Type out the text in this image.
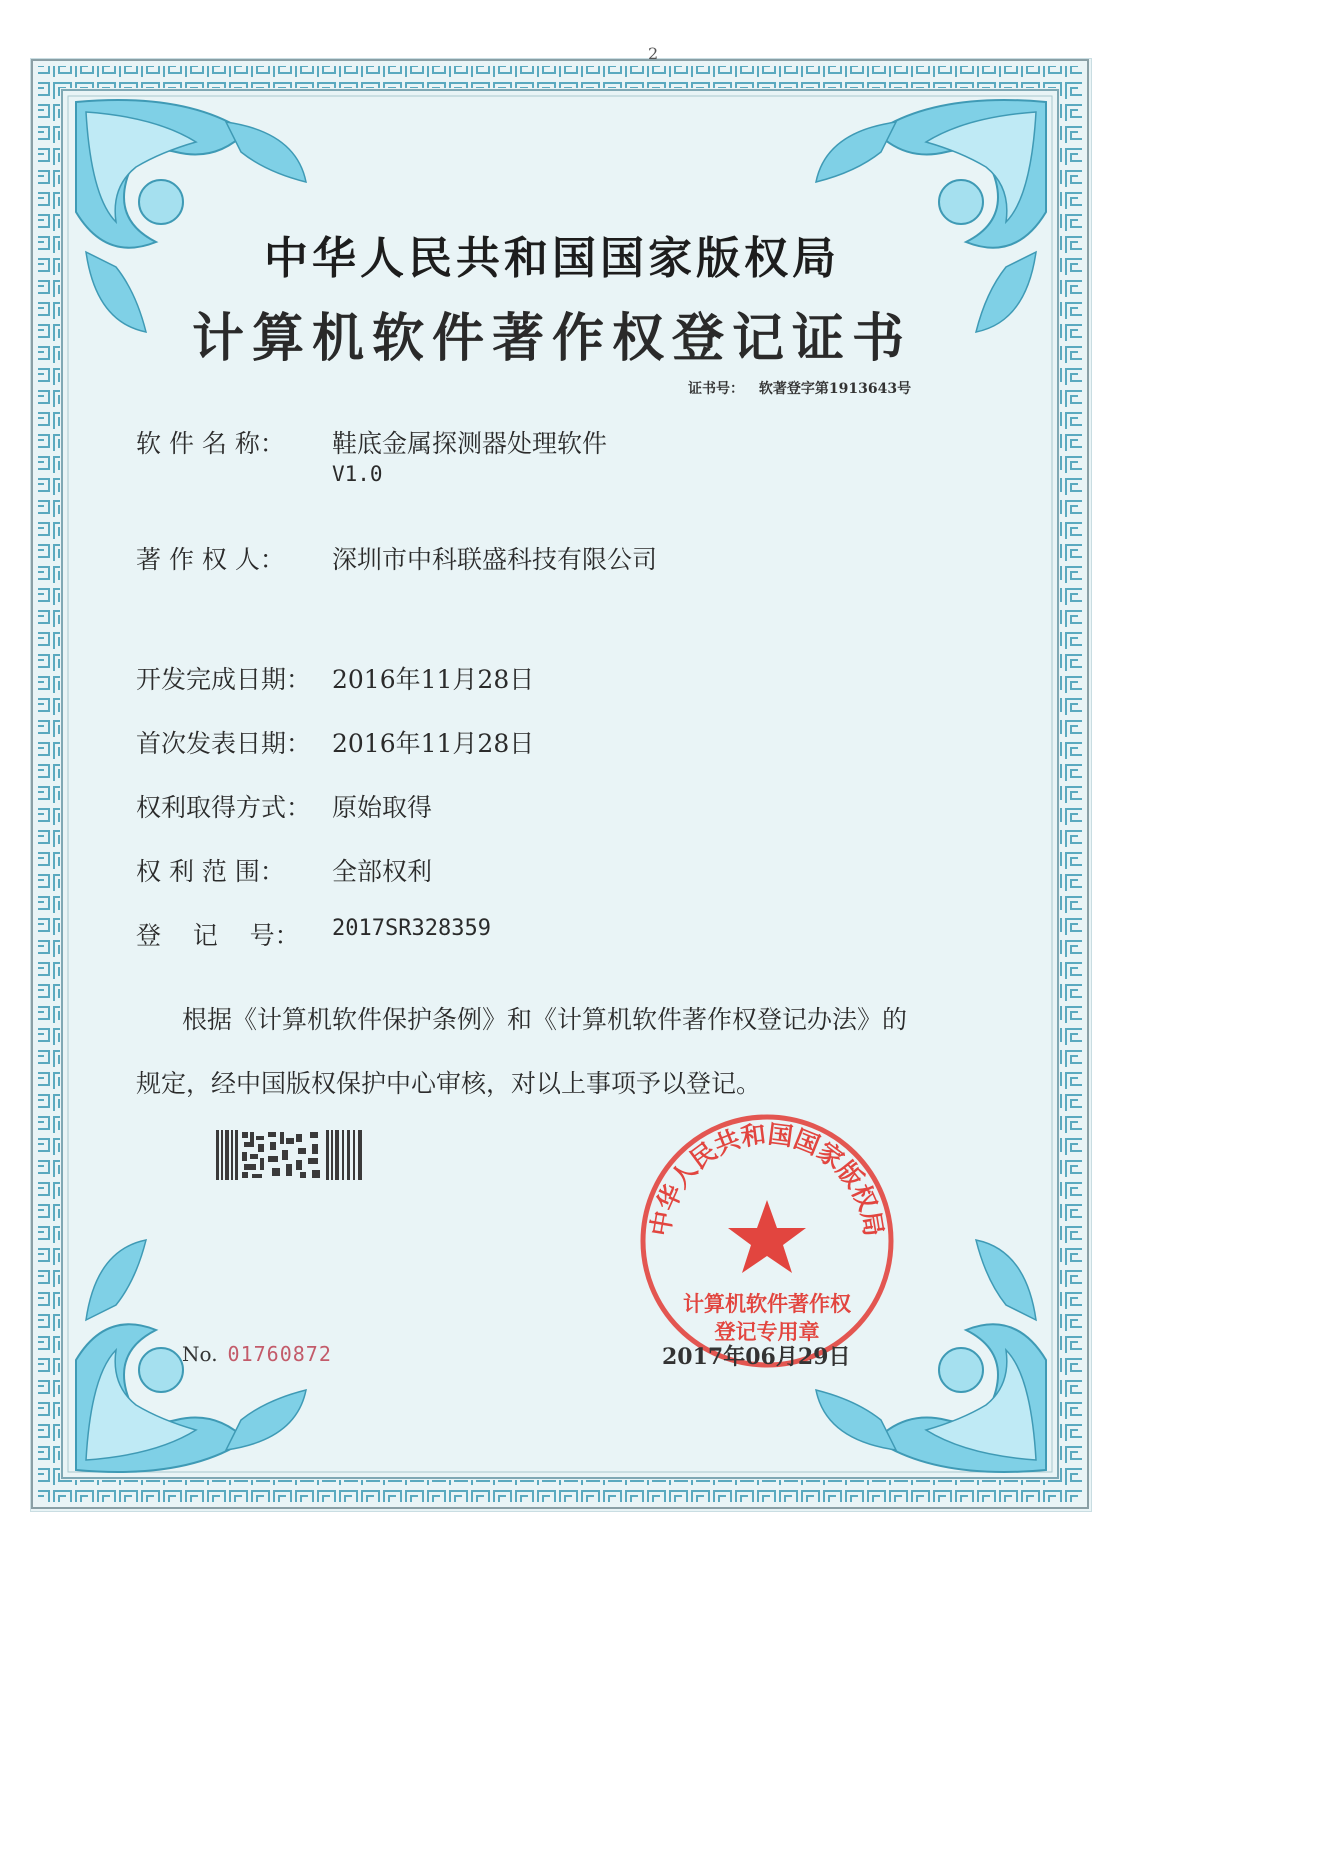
2
中华人民共和国国家版权局
计算机软件著作权登记证书
证书号： 软著登字第1913643号
软 件 名 称： 鞋底金属探测器处理软件
V1.0
著 作 权 人： 深圳市中科联盛科技有限公司
开发完成日期： 2016年11月28日
首次发表日期： 2016年11月28日
权利取得方式： 原始取得
权 利 范 围： 全部权利
登    记    号： 2017SR328359
根据《计算机软件保护条例》和《计算机软件著作权登记办法》的
规定，经中国版权保护中心审核，对以上事项予以登记。
No. 01760872
中华人民共和国国家版权局
计算机软件著作权
登记专用章
2017年06月29日
